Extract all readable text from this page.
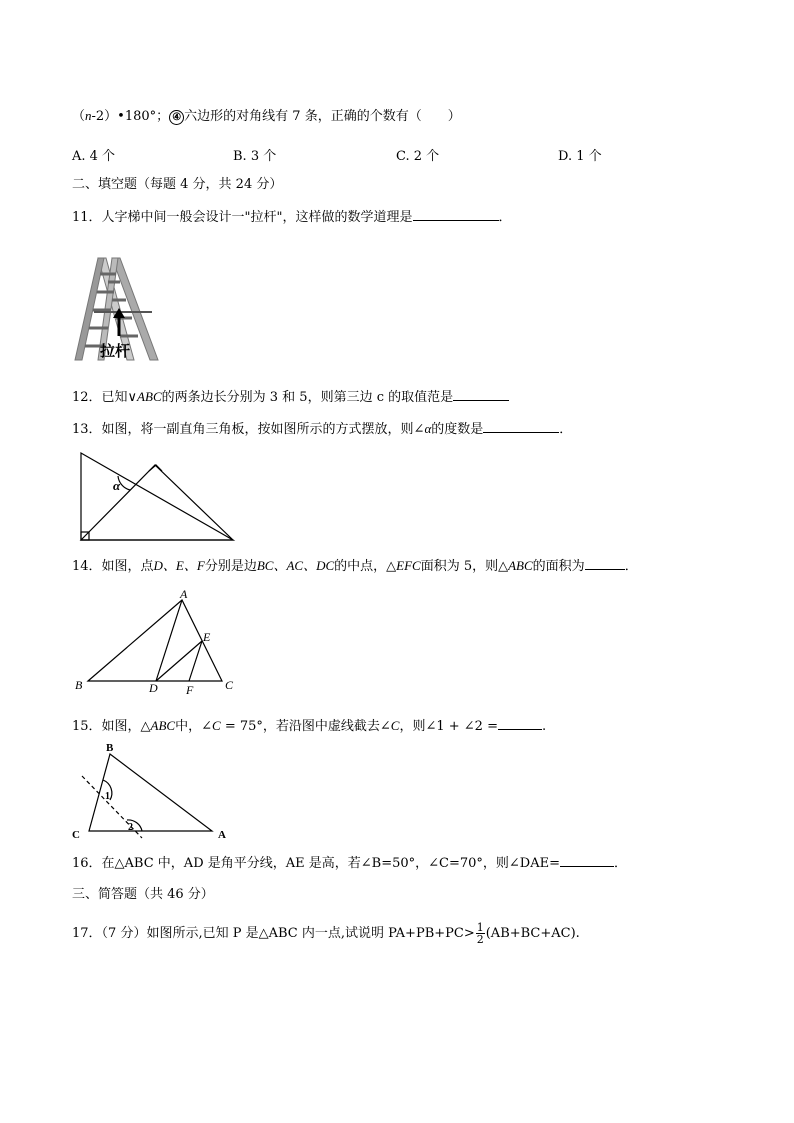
（n-2）•180°； ④ 六边形的对角线有 7 条，正确的个数有（　　）
A. 4 个	B. 3 个	C. 2 个	D. 1 个
二、填空题（每题 4 分，共 24 分）
11．人字梯中间一般会设计一"拉杆"，这样做的数学道理是	．
拉杆
12．已知∨ABC的两条边长分别为 3 和 5，则第三边 c 的取值范是
13．如图，将一副直角三角板，按如图所示的方式摆放，则∠α的度数是	．
α
14．如图，点D、E、F分别是边BC、AC、DC的中点，△EFC面积为 5，则△ABC的面积为	．
A
B	C
D
E
F
15．如图，△ABC中，∠C = 75°，若沿图中虚线截去∠C，则∠1 + ∠2 =	.
B
C	A
1
2
16．在△ABC 中，AD 是角平分线，AE 是高，若∠B=50°，∠C=70°，则∠DAE=	．
三、简答题（共 46 分）
17．（7 分）如图所示,已知 P 是△ABC 内一点,试说明 $PA+PB+PC> \frac{1}{2} (AB+BC+AC)$.
